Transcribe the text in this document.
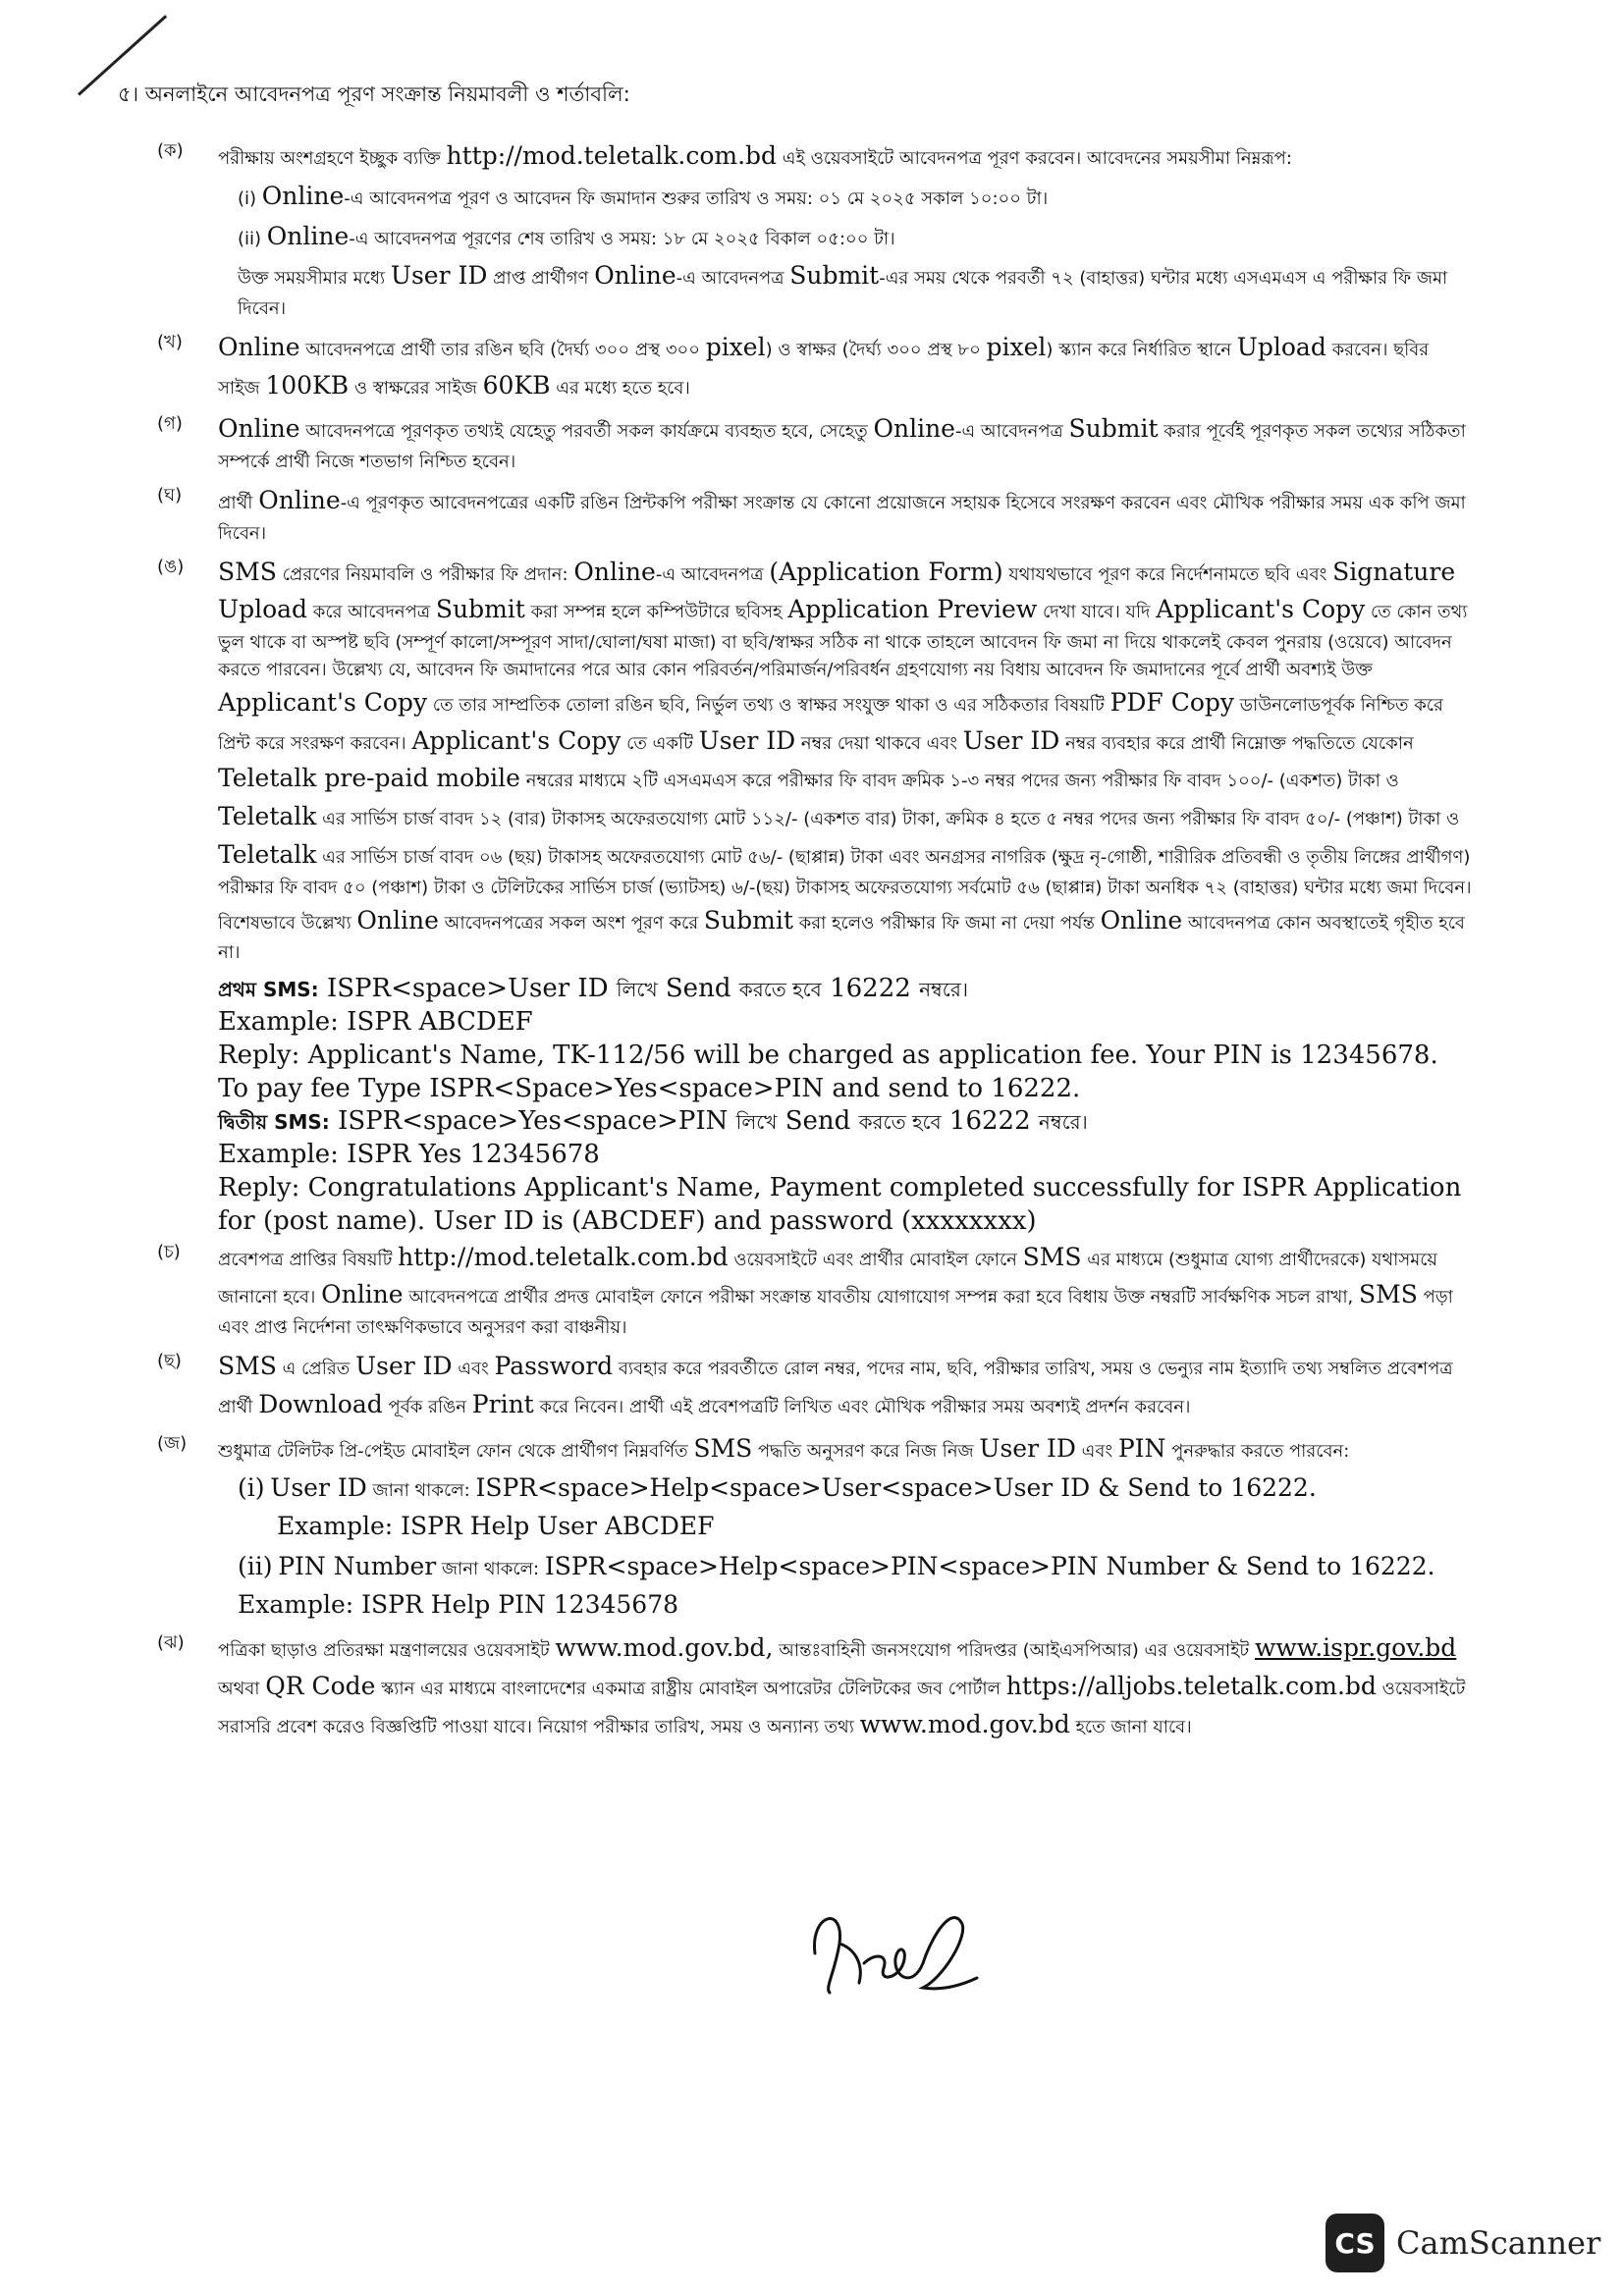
৫। অনলাইনে আবেদনপত্র পূরণ সংক্রান্ত নিয়মাবলী ও শর্তাবলি:
(ক) পরীক্ষায় অংশগ্রহণে ইচ্ছুক ব্যক্তি http://mod.teletalk.com.bd এই ওয়েবসাইটে আবেদনপত্র পূরণ করবেন। আবেদনের সময়সীমা নিম্নরূপ:
(i) Online-এ আবেদনপত্র পূরণ ও আবেদন ফি জমাদান শুরুর তারিখ ও সময়: ০১ মে ২০২৫ সকাল ১০:০০ টা।
(ii) Online-এ আবেদনপত্র পূরণের শেষ তারিখ ও সময়: ১৮ মে ২০২৫ বিকাল ০৫:০০ টা।
উক্ত সময়সীমার মধ্যে User ID প্রাপ্ত প্রার্থীগণ Online-এ আবেদনপত্র Submit-এর সময় থেকে পরবর্তী ৭২ (বাহাত্তর) ঘন্টার মধ্যে এসএমএস এ পরীক্ষার ফি জমা দিবেন।
(খ) Online আবেদনপত্রে প্রার্থী তার রঙিন ছবি (দৈর্ঘ্য ৩০০ প্রস্থ ৩০০ pixel) ও স্বাক্ষর (দৈর্ঘ্য ৩০০ প্রস্থ ৮০ pixel) স্ক্যান করে নির্ধারিত স্থানে Upload করবেন। ছবির সাইজ 100KB ও স্বাক্ষরের সাইজ 60KB এর মধ্যে হতে হবে।
(গ) Online আবেদনপত্রে পূরণকৃত তথ্যই যেহেতু পরবর্তী সকল কার্যক্রমে ব্যবহৃত হবে, সেহেতু Online-এ আবেদনপত্র Submit করার পূর্বেই পূরণকৃত সকল তথ্যের সঠিকতা সম্পর্কে প্রার্থী নিজে শতভাগ নিশ্চিত হবেন।
(ঘ) প্রার্থী Online-এ পূরণকৃত আবেদনপত্রের একটি রঙিন প্রিন্টকপি পরীক্ষা সংক্রান্ত যে কোনো প্রয়োজনে সহায়ক হিসেবে সংরক্ষণ করবেন এবং মৌখিক পরীক্ষার সময় এক কপি জমা দিবেন।
(ঙ) SMS প্রেরণের নিয়মাবলি ও পরীক্ষার ফি প্রদান: Online-এ আবেদনপত্র (Application Form) যথাযথভাবে পূরণ করে নির্দেশনামতে ছবি এবং Signature Upload করে আবেদনপত্র Submit করা সম্পন্ন হলে কম্পিউটারে ছবিসহ Application Preview দেখা যাবে। যদি Applicant's Copy তে কোন তথ্য ভুল থাকে বা অস্পষ্ট ছবি (সম্পূর্ণ কালো/সম্পূরণ সাদা/ঘোলা/ঘষা মাজা) বা ছবি/স্বাক্ষর সঠিক না থাকে তাহলে আবেদন ফি জমা না দিয়ে থাকলেই কেবল পুনরায় (ওয়েবে) আবেদন করতে পারবেন। উল্লেখ্য যে, আবেদন ফি জমাদানের পরে আর কোন পরিবর্তন/পরিমার্জন/পরিবর্ধন গ্রহণযোগ্য নয় বিধায় আবেদন ফি জমাদানের পূর্বে প্রার্থী অবশ্যই উক্ত Applicant's Copy তে তার সাম্প্রতিক তোলা রঙিন ছবি, নির্ভুল তথ্য ও স্বাক্ষর সংযুক্ত থাকা ও এর সঠিকতার বিষয়টি PDF Copy ডাউনলোডপূর্বক নিশ্চিত করে প্রিন্ট করে সংরক্ষণ করবেন। Applicant's Copy তে একটি User ID নম্বর দেয়া থাকবে এবং User ID নম্বর ব্যবহার করে প্রার্থী নিম্নোক্ত পদ্ধতিতে যেকোন Teletalk pre-paid mobile নম্বরের মাধ্যমে ২টি এসএমএস করে পরীক্ষার ফি বাবদ ক্রমিক ১-৩ নম্বর পদের জন্য পরীক্ষার ফি বাবদ ১০০/- (একশত) টাকা ও Teletalk এর সার্ভিস চার্জ বাবদ ১২ (বার) টাকাসহ অফেরতযোগ্য মোট ১১২/- (একশত বার) টাকা, ক্রমিক ৪ হতে ৫ নম্বর পদের জন্য পরীক্ষার ফি বাবদ ৫০/- (পঞ্চাশ) টাকা ও Teletalk এর সার্ভিস চার্জ বাবদ ০৬ (ছয়) টাকাসহ অফেরতযোগ্য মোট ৫৬/- (ছাপ্পান্ন) টাকা এবং অনগ্রসর নাগরিক (ক্ষুদ্র নৃ-গোষ্ঠী, শারীরিক প্রতিবন্ধী ও তৃতীয় লিঙ্গের প্রার্থীগণ) পরীক্ষার ফি বাবদ ৫০ (পঞ্চাশ) টাকা ও টেলিটকের সার্ভিস চার্জ (ভ্যাটসহ) ৬/-(ছয়) টাকাসহ অফেরতযোগ্য সর্বমোট ৫৬ (ছাপ্পান্ন) টাকা অনধিক ৭২ (বাহাত্তর) ঘন্টার মধ্যে জমা দিবেন। বিশেষভাবে উল্লেখ্য Online আবেদনপত্রের সকল অংশ পূরণ করে Submit করা হলেও পরীক্ষার ফি জমা না দেয়া পর্যন্ত Online আবেদনপত্র কোন অবস্থাতেই গৃহীত হবে না।
প্রথম SMS: ISPR<space>User ID লিখে Send করতে হবে 16222 নম্বরে।
Example: ISPR ABCDEF
Reply: Applicant's Name, TK-112/56 will be charged as application fee. Your PIN is 12345678. To pay fee Type ISPR<Space>Yes<space>PIN and send to 16222.
দ্বিতীয় SMS: ISPR<space>Yes<space>PIN লিখে Send করতে হবে 16222 নম্বরে।
Example: ISPR Yes 12345678
Reply: Congratulations Applicant's Name, Payment completed successfully for ISPR Application for (post name). User ID is (ABCDEF) and password (xxxxxxxx)
(চ) প্রবেশপত্র প্রাপ্তির বিষয়টি http://mod.teletalk.com.bd ওয়েবসাইটে এবং প্রার্থীর মোবাইল ফোনে SMS এর মাধ্যমে (শুধুমাত্র যোগ্য প্রার্থীদেরকে) যথাসময়ে জানানো হবে। Online আবেদনপত্রে প্রার্থীর প্রদত্ত মোবাইল ফোনে পরীক্ষা সংক্রান্ত যাবতীয় যোগাযোগ সম্পন্ন করা হবে বিধায় উক্ত নম্বরটি সার্বক্ষণিক সচল রাখা, SMS পড়া এবং প্রাপ্ত নির্দেশনা তাৎক্ষণিকভাবে অনুসরণ করা বাঞ্চনীয়।
(ছ) SMS এ প্রেরিত User ID এবং Password ব্যবহার করে পরবর্তীতে রোল নম্বর, পদের নাম, ছবি, পরীক্ষার তারিখ, সময় ও ভেন্যুর নাম ইত্যাদি তথ্য সম্বলিত প্রবেশপত্র প্রার্থী Download পূর্বক রঙিন Print করে নিবেন। প্রার্থী এই প্রবেশপত্রটি লিখিত এবং মৌখিক পরীক্ষার সময় অবশ্যই প্রদর্শন করবেন।
(জ) শুধুমাত্র টেলিটক প্রি-পেইড মোবাইল ফোন থেকে প্রার্থীগণ নিম্নবর্ণিত SMS পদ্ধতি অনুসরণ করে নিজ নিজ User ID এবং PIN পুনরুদ্ধার করতে পারবেন:
(i) User ID জানা থাকলে: ISPR<space>Help<space>User<space>User ID & Send to 16222.
Example: ISPR Help User ABCDEF
(ii) PIN Number জানা থাকলে: ISPR<space>Help<space>PIN<space>PIN Number & Send to 16222. Example: ISPR Help PIN 12345678
(ঝ) পত্রিকা ছাড়াও প্রতিরক্ষা মন্ত্রণালয়ের ওয়েবসাইট www.mod.gov.bd, আন্তঃবাহিনী জনসংযোগ পরিদপ্তর (আইএসপিআর) এর ওয়েবসাইট www.ispr.gov.bd অথবা QR Code স্ক্যান এর মাধ্যমে বাংলাদেশের একমাত্র রাষ্ট্রীয় মোবাইল অপারেটর টেলিটকের জব পোর্টাল https://alljobs.teletalk.com.bd ওয়েবসাইটে সরাসরি প্রবেশ করেও বিজ্ঞপ্তিটি পাওয়া যাবে। নিয়োগ পরীক্ষার তারিখ, সময় ও অন্যান্য তথ্য www.mod.gov.bd হতে জানা যাবে।
CS CamScanner
